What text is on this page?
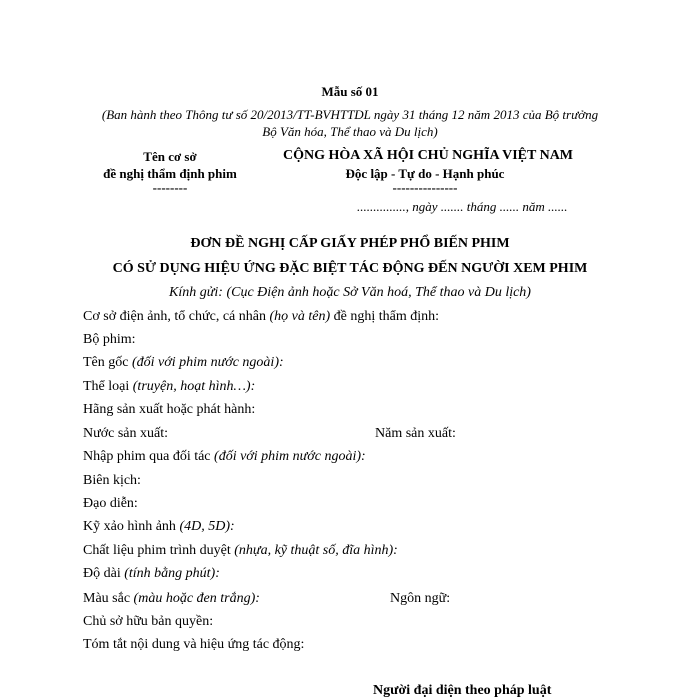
Mẫu số 01
(Ban hành theo Thông tư số 20/2013/TT-BVHTTDL ngày 31 tháng 12 năm 2013 của Bộ trưởng
Bộ Văn hóa, Thể thao và Du lịch)
Tên cơ sở
đề nghị thẩm định phim
--------
CỘNG HÒA XÃ HỘI CHỦ NGHĨA VIỆT NAM
Độc lập - Tự do - Hạnh phúc
---------------
..............., ngày ....... tháng ...... năm ......
ĐƠN ĐỀ NGHỊ CẤP GIẤY PHÉP PHỔ BIẾN PHIM
CÓ SỬ DỤNG HIỆU ỨNG ĐẶC BIỆT TÁC ĐỘNG ĐẾN NGƯỜI XEM PHIM
Kính gửi: (Cục Điện ảnh hoặc Sở Văn hoá, Thể thao và Du lịch)
Cơ sở điện ảnh, tổ chức, cá nhân (họ và tên) đề nghị thẩm định:
Bộ phim:
Tên gốc (đối với phim nước ngoài):
Thể loại (truyện, hoạt hình…):
Hãng sản xuất hoặc phát hành:
Nước sản xuất:	Năm sản xuất:
Nhập phim qua đối tác (đối với phim nước ngoài):
Biên kịch:
Đạo diễn:
Kỹ xảo hình ảnh (4D, 5D):
Chất liệu phim trình duyệt (nhựa, kỹ thuật số, đĩa hình):
Độ dài (tính bằng phút):
Màu sắc (màu hoặc đen trắng):	Ngôn ngữ:
Chủ sở hữu bản quyền:
Tóm tắt nội dung và hiệu ứng tác động:
Người đại diện theo pháp luật
